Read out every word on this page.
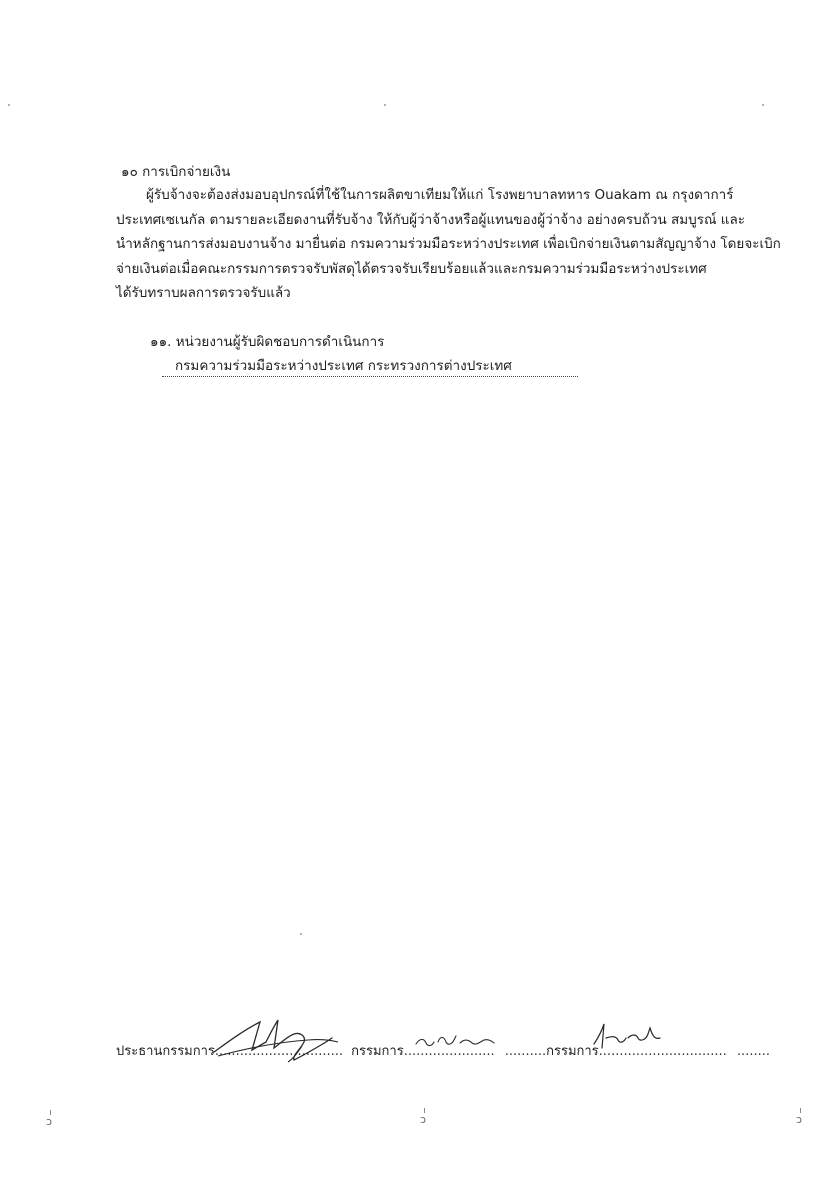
๑๐ การเบิกจ่ายเงิน
ผู้รับจ้างจะต้องส่งมอบอุปกรณ์ที่ใช้ในการผลิตขาเทียมให้แก่ โรงพยาบาลทหาร Ouakam ณ กรุงดาการ์
ประเทศเซเนกัล ตามรายละเอียดงานที่รับจ้าง ให้กับผู้ว่าจ้างหรือผู้แทนของผู้ว่าจ้าง อย่างครบถ้วน สมบูรณ์ และ
นำหลักฐานการส่งมอบงานจ้าง มายื่นต่อ กรมความร่วมมือระหว่างประเทศ เพื่อเบิกจ่ายเงินตามสัญญาจ้าง โดยจะเบิก
จ่ายเงินต่อเมื่อคณะกรรมการตรวจรับพัสดุได้ตรวจรับเรียบร้อยแล้วและกรมความร่วมมือระหว่างประเทศ
ได้รับทราบผลการตรวจรับแล้ว
๑๑. หน่วยงานผู้รับผิดชอบการดำเนินการ
กรมความร่วมมือระหว่างประเทศ กระทรวงการต่างประเทศ
ประธานกรรมการ............................... กรรมการ...................... ..........กรรมการ............................... ........
ↄ	ↄ	ↄ
